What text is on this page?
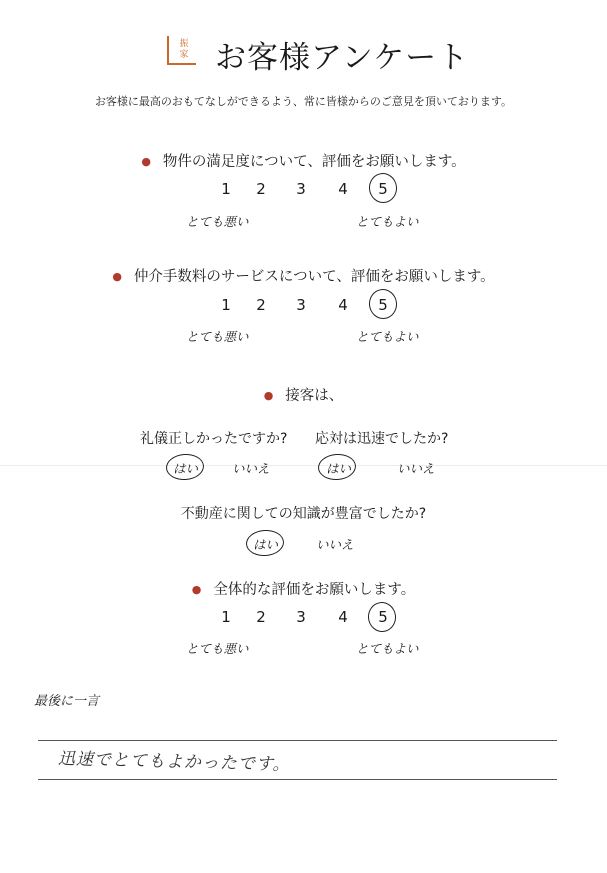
振
家 お客様アンケート
お客様に最高のおもてなしができるよう、常に皆様からのご意見を頂いております。
● 物件の満足度について、評価をお願いします。
1 2 3 4 5
とても悪い	とてもよい
● 仲介手数料のサービスについて、評価をお願いします。
1 2 3 4 5
とても悪い	とてもよい
● 接客は、
礼儀正しかったですか? 応対は迅速でしたか?
はい	いいえ	はい	いいえ
不動産に関しての知識が豊富でしたか?
はい	いいえ
● 全体的な評価をお願いします。
1 2 3 4 5
とても悪い	とてもよい
最後に一言
迅速でとてもよかったです。
